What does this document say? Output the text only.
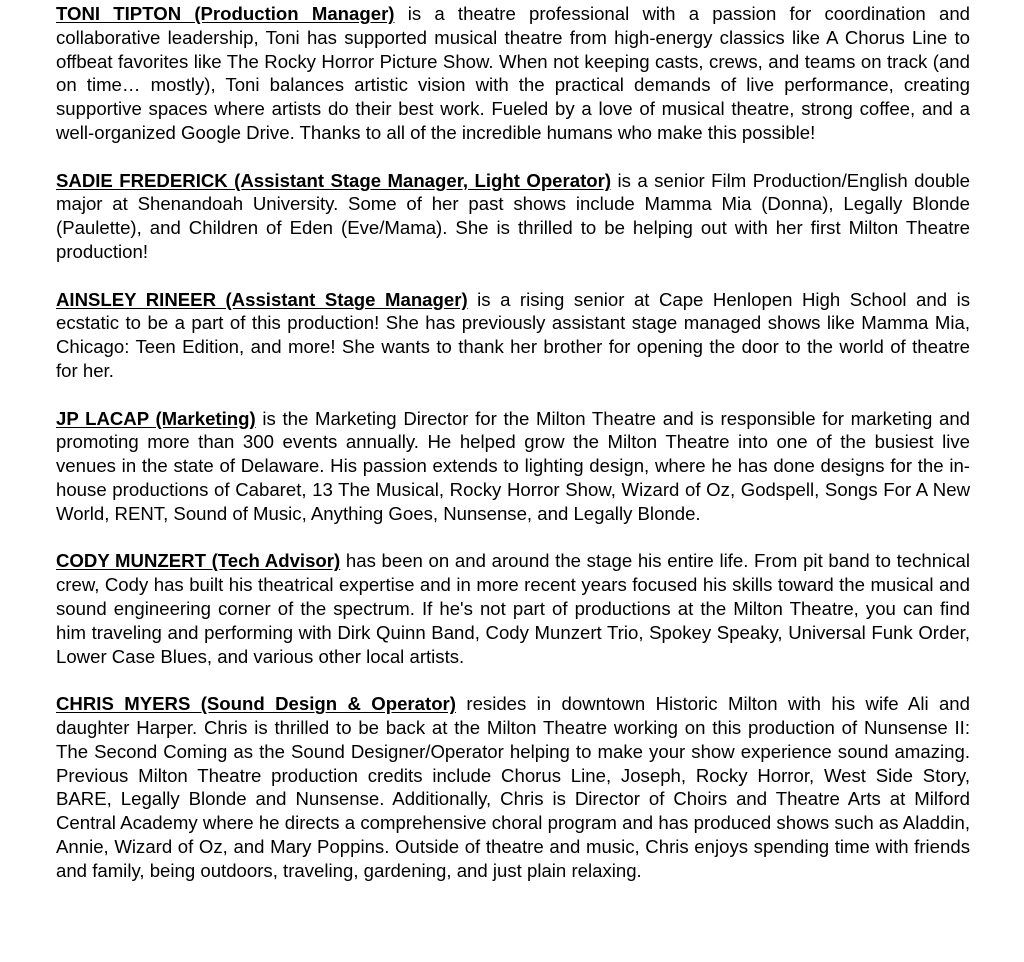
TONI TIPTON (Production Manager) is a theatre professional with a passion for coordination and collaborative leadership, Toni has supported musical theatre from high-energy classics like A Chorus Line to offbeat favorites like The Rocky Horror Picture Show. When not keeping casts, crews, and teams on track (and on time… mostly), Toni balances artistic vision with the practical demands of live performance, creating supportive spaces where artists do their best work. Fueled by a love of musical theatre, strong coffee, and a well-organized Google Drive. Thanks to all of the incredible humans who make this possible!

SADIE FREDERICK (Assistant Stage Manager, Light Operator) is a senior Film Production/English double major at Shenandoah University. Some of her past shows include Mamma Mia (Donna), Legally Blonde (Paulette), and Children of Eden (Eve/Mama). She is thrilled to be helping out with her first Milton Theatre production!

AINSLEY RINEER (Assistant Stage Manager) is a rising senior at Cape Henlopen High School and is ecstatic to be a part of this production! She has previously assistant stage managed shows like Mamma Mia, Chicago: Teen Edition, and more! She wants to thank her brother for opening the door to the world of theatre for her.

JP LACAP (Marketing) is the Marketing Director for the Milton Theatre and is responsible for marketing and promoting more than 300 events annually. He helped grow the Milton Theatre into one of the busiest live venues in the state of Delaware. His passion extends to lighting design, where he has done designs for the in-house productions of Cabaret, 13 The Musical, Rocky Horror Show, Wizard of Oz, Godspell, Songs For A New World, RENT, Sound of Music, Anything Goes, Nunsense, and Legally Blonde.

CODY MUNZERT (Tech Advisor) has been on and around the stage his entire life. From pit band to technical crew, Cody has built his theatrical expertise and in more recent years focused his skills toward the musical and sound engineering corner of the spectrum. If he's not part of productions at the Milton Theatre, you can find him traveling and performing with Dirk Quinn Band, Cody Munzert Trio, Spokey Speaky, Universal Funk Order, Lower Case Blues, and various other local artists.

CHRIS MYERS (Sound Design & Operator) resides in downtown Historic Milton with his wife Ali and daughter Harper. Chris is thrilled to be back at the Milton Theatre working on this production of Nunsense II: The Second Coming as the Sound Designer/Operator helping to make your show experience sound amazing. Previous Milton Theatre production credits include Chorus Line, Joseph, Rocky Horror, West Side Story, BARE, Legally Blonde and Nunsense. Additionally, Chris is Director of Choirs and Theatre Arts at Milford Central Academy where he directs a comprehensive choral program and has produced shows such as Aladdin, Annie, Wizard of Oz, and Mary Poppins. Outside of theatre and music, Chris enjoys spending time with friends and family, being outdoors, traveling, gardening, and just plain relaxing.
